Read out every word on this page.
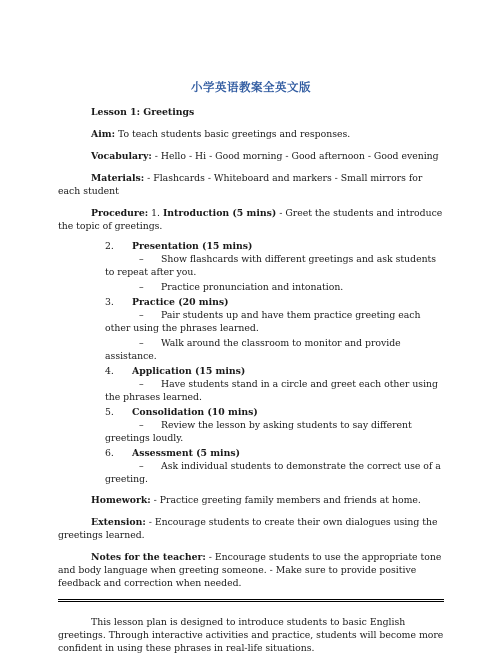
小学英语教案全英文版

Lesson 1: Greetings

Aim: To teach students basic greetings and responses.

Vocabulary: - Hello - Hi - Good morning - Good afternoon - Good evening

Materials: - Flashcards - Whiteboard and markers - Small mirrors for each student

Procedure: 1. Introduction (5 mins) - Greet the students and introduce the topic of greetings.

2.	Presentation (15 mins)
– Show flashcards with different greetings and ask students to repeat after you.
– Practice pronunciation and intonation.
3.	Practice (20 mins)
– Pair students up and have them practice greeting each other using the phrases learned.
– Walk around the classroom to monitor and provide assistance.
4.	Application (15 mins)
– Have students stand in a circle and greet each other using the phrases learned.
5.	Consolidation (10 mins)
– Review the lesson by asking students to say different greetings loudly.
6.	Assessment (5 mins)
– Ask individual students to demonstrate the correct use of a greeting.

Homework: - Practice greeting family members and friends at home.

Extension: - Encourage students to create their own dialogues using the greetings learned.

Notes for the teacher: - Encourage students to use the appropriate tone and body language when greeting someone. - Make sure to provide positive feedback and correction when needed.

This lesson plan is designed to introduce students to basic English greetings. Through interactive activities and practice, students will become more confident in using these phrases in real-life situations.
